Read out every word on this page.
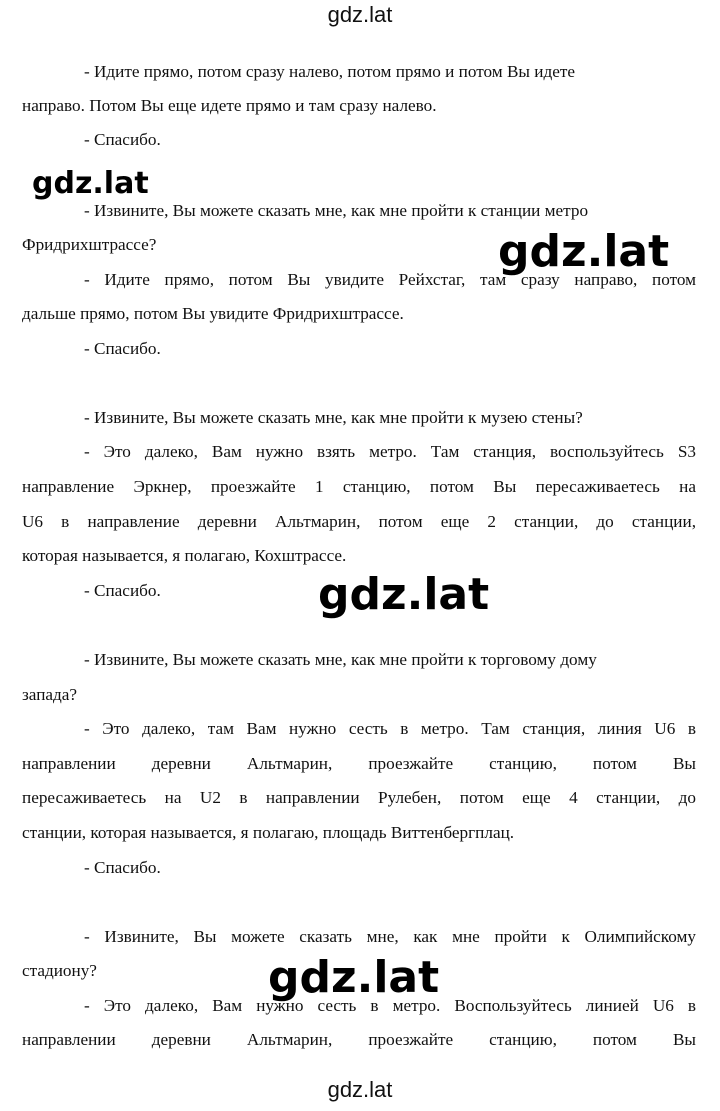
gdz.lat
- Идите прямо, потом сразу налево, потом прямо и потом Вы идете
направо. Потом Вы еще идете прямо и там сразу налево.
- Спасибо.
- Извините, Вы можете сказать мне, как мне пройти к станции метро
Фридрихштрассе?
- Идите прямо, потом Вы увидите Рейхстаг, там сразу направо, потом
дальше прямо, потом Вы увидите Фридрихштрассе.
- Спасибо.
- Извините, Вы можете сказать мне, как мне пройти к музею стены?
- Это далеко, Вам нужно взять метро. Там станция, воспользуйтесь S3
направление Эркнер, проезжайте 1 станцию, потом Вы пересаживаетесь на
U6 в направление деревни Альтмарин, потом еще 2 станции, до станции,
которая называется, я полагаю, Кохштрассе.
- Спасибо.
- Извините, Вы можете сказать мне, как мне пройти к торговому дому
запада?
- Это далеко, там Вам нужно сесть в метро. Там станция, линия U6 в
направлении деревни Альтмарин, проезжайте станцию, потом Вы
пересаживаетесь на U2 в направлении Рулебен, потом еще 4 станции, до
станции, которая называется, я полагаю, площадь Виттенбергплац.
- Спасибо.
- Извините, Вы можете сказать мне, как мне пройти к Олимпийскому
стадиону?
- Это далеко, Вам нужно сесть в метро. Воспользуйтесь линией U6 в
направлении деревни Альтмарин, проезжайте станцию, потом Вы
gdz.lat
gdz.lat
gdz.lat
gdz.lat
gdz.lat
